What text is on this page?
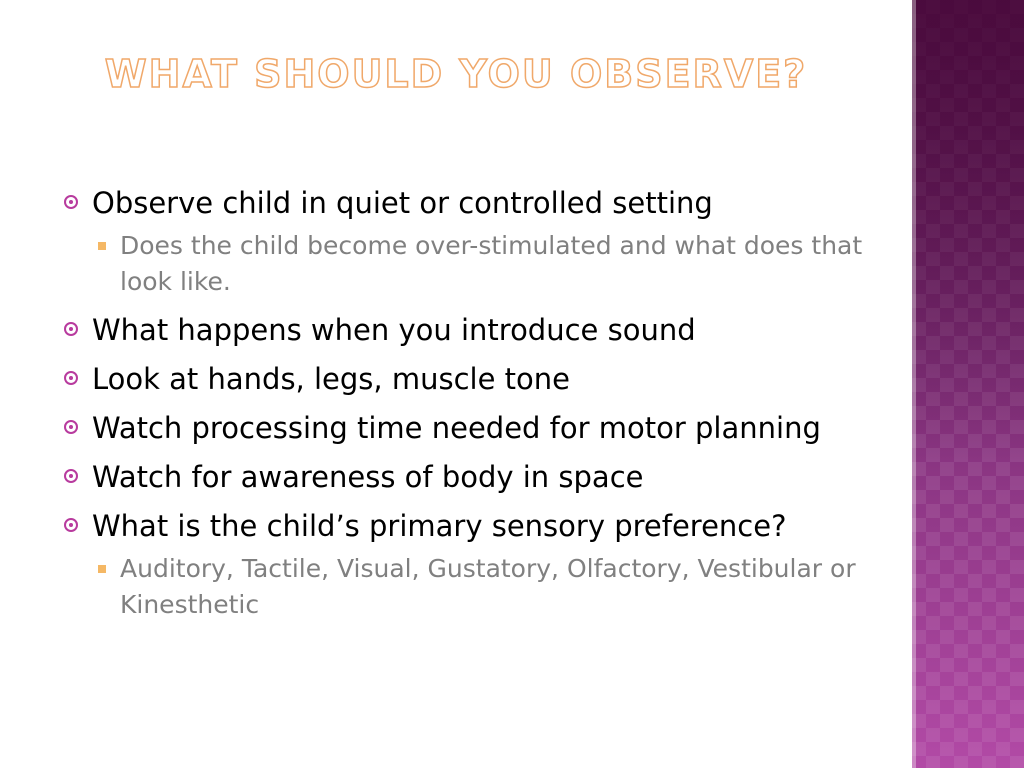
WHAT SHOULD YOU OBSERVE?
Observe child in quiet or controlled setting
Does the child become over-stimulated and what does that look like.
What happens when you introduce sound
Look at hands, legs, muscle tone
Watch processing time needed for motor planning
Watch for awareness of body in space
What is the child’s primary sensory preference?
Auditory, Tactile, Visual, Gustatory, Olfactory, Vestibular or Kinesthetic
